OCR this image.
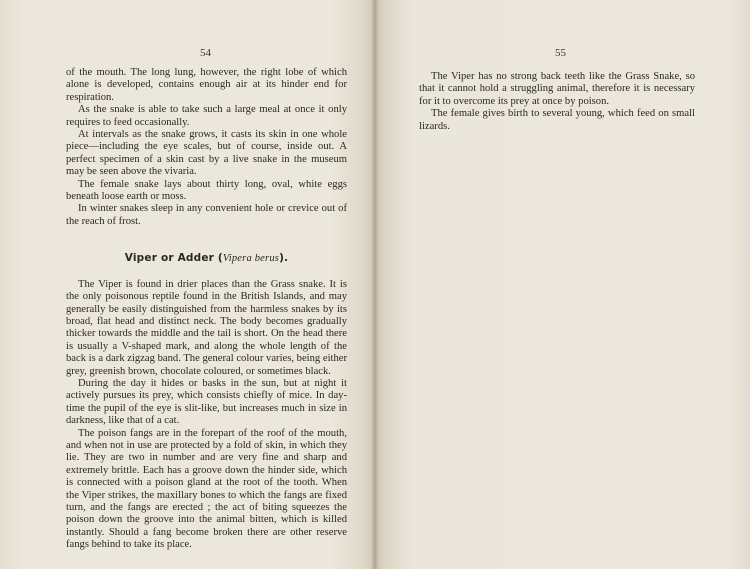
54

of the mouth. The long lung, however, the right lobe of which alone is developed, contains enough air at its hinder end for respiration.

As the snake is able to take such a large meal at once it only requires to feed occasionally.

At intervals as the snake grows, it casts its skin in one whole piece—including the eye scales, but of course, inside out. A perfect specimen of a skin cast by a live snake in the museum may be seen above the vivaria.

The female snake lays about thirty long, oval, white eggs beneath loose earth or moss.

In winter snakes sleep in any convenient hole or crevice out of the reach of frost.

Viper or Adder (Vipera berus).

The Viper is found in drier places than the Grass snake. It is the only poisonous reptile found in the British Islands, and may generally be easily distinguished from the harmless snakes by its broad, flat head and distinct neck. The body becomes gradually thicker towards the middle and the tail is short. On the head there is usually a V-shaped mark, and along the whole length of the back is a dark zigzag band. The general colour varies, being either grey, greenish brown, chocolate coloured, or sometimes black.

During the day it hides or basks in the sun, but at night it actively pursues its prey, which consists chiefly of mice. In day-time the pupil of the eye is slit-like, but increases much in size in darkness, like that of a cat.

The poison fangs are in the forepart of the roof of the mouth, and when not in use are protected by a fold of skin, in which they lie. They are two in number and are very fine and sharp and extremely brittle. Each has a groove down the hinder side, which is connected with a poison gland at the root of the tooth. When the Viper strikes, the maxillary bones to which the fangs are fixed turn, and the fangs are erected ; the act of biting squeezes the poison down the groove into the animal bitten, which is killed instantly. Should a fang become broken there are other reserve fangs behind to take its place.

55

The Viper has no strong back teeth like the Grass Snake, so that it cannot hold a struggling animal, therefore it is necessary for it to overcome its prey at once by poison.

The female gives birth to several young, which feed on small lizards.
